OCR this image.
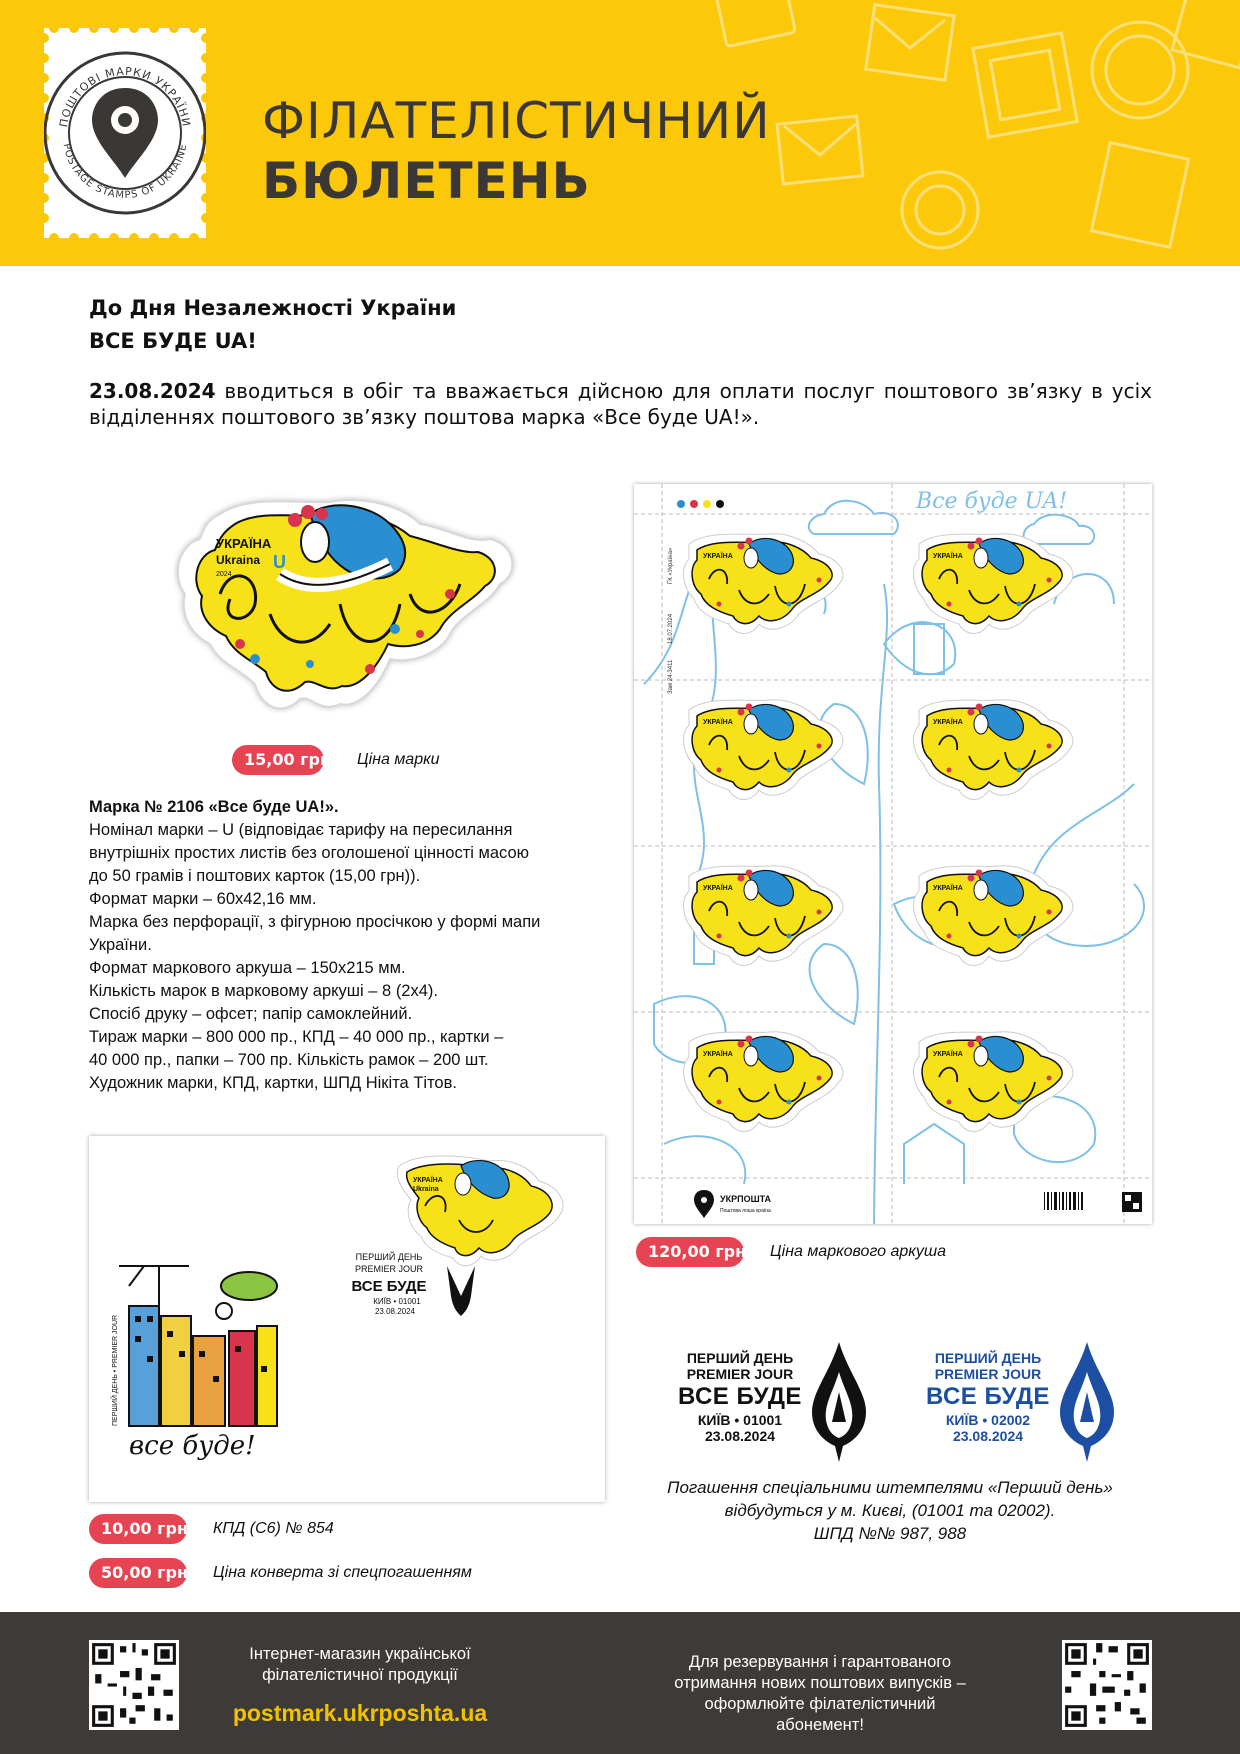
ПОШТОВІ МАРКИ УКРАЇНИ
POSTAGE STAMPS OF UKRAINE ФІЛАТЕЛІСТИЧНИЙ
БЮЛЕТЕНЬ
До Дня Незалежності України
ВСЕ БУДЕ UA!
23.08.2024 вводиться в обіг та вважається дійсною для оплати послуг поштового зв’язку в усіх відділеннях поштового зв’язку поштова марка «Все буде UA!».
УКРАЇНА
Ukraina
2024
U
15,00 грн Ціна марки
Марка № 2106 «Все буде UA!».
Номінал марки – U (відповідає тарифу на пересилання
внутрішніх простих листів без оголошеної цінності масою
до 50 грамів і поштових карток (15,00 грн)).
Формат марки – 60х42,16 мм.
Марка без перфорації, з фігурною просічкою у формі мапи
України.
Формат маркового аркуша – 150х215 мм.
Кількість марок в марковому аркуші – 8 (2х4).
Спосіб друку – офсет; папір самоклейний.
Тираж марки – 800 000 пр., КПД – 40 000 пр., картки –
40 000 пр., папки – 700 пр. Кількість рамок – 200 шт.
Художник марки, КПД, картки, ШПД Нікіта Тітов.
УКРАЇНА
Все буде UA!
ГК «Україна»
18.07.2024
Зам 24-3411
УКРПОШТА
Поштова лоша країна
120,00 грн Ціна маркового аркуша
УКРАЇНА
Ukraina
ПЕРШИЙ ДЕНЬ
PREMIER JOUR
ВСЕ БУДЕ
КИЇВ • 01001
23.08.2024
ПЕРШИЙ ДЕНЬ • PREMIER JOUR
все буде!
10,00 грн КПД (С6) № 854
50,00 грн Ціна конверта зі спецпогашенням
ПЕРШИЙ ДЕНЬ
PREMIER JOUR
ВСЕ БУДЕ
КИЇВ • 01001
23.08.2024
ПЕРШИЙ ДЕНЬ
PREMIER JOUR
ВСЕ БУДЕ
КИЇВ • 02002
23.08.2024
Погашення спеціальними штемпелями «Перший день»
відбудуться у м. Києві, (01001 та 02002).
ШПД №№ 987, 988
Інтернет-магазин української
філателістичної продукції
postmark.ukrposhta.ua
Для резервування і гарантованого
отримання нових поштових випусків –
оформлюйте філателістичний абонемент!
